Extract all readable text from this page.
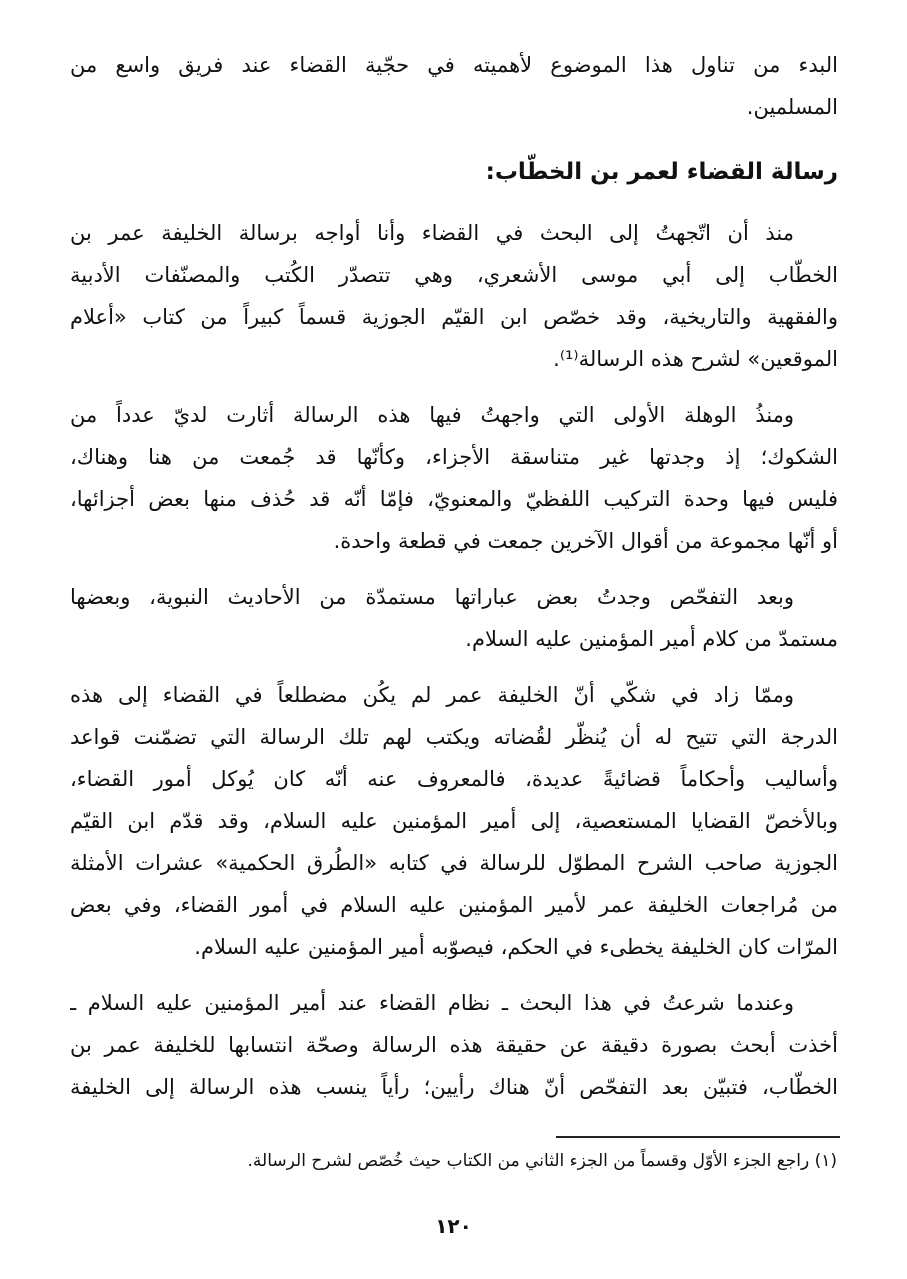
البدء من تناول هذا الموضوع لأهميته في حجّية القضاء عند فريق واسع من
المسلمين.
رسالة القضاء لعمر بن الخطّاب:
منذ أن اتّجهتُ إلى البحث في القضاء وأنا أواجه برسالة الخليفة عمر بن
الخطّاب إلى أبي موسى الأشعري، وهي تتصدّر الكُتب والمصنّفات الأدبية
والفقهية والتاريخية، وقد خصّص ابن القيّم الجوزية قسماً كبيراً من كتاب «أعلام
الموقعين» لشرح هذه الرسالة⁽¹⁾.
ومنذُ الوهلة الأولى التي واجهتُ فيها هذه الرسالة أثارت لديّ عدداً من
الشكوك؛ إذ وجدتها غير متناسقة الأجزاء، وكأنّها قد جُمعت من هنا وهناك،
فليس فيها وحدة التركيب اللفظيّ والمعنويّ، فإمّا أنّه قد حُذف منها بعض أجزائها،
أو أنّها مجموعة من أقوال الآخرين جمعت في قطعة واحدة.
وبعد التفحّص وجدتُ بعض عباراتها مستمدّة من الأحاديث النبوية، وبعضها
مستمدّ من كلام أمير المؤمنين عليه السلام.
وممّا زاد في شكّي أنّ الخليفة عمر لم يكُن مضطلعاً في القضاء إلى هذه
الدرجة التي تتيح له أن يُنظّر لقُضاته ويكتب لهم تلك الرسالة التي تضمّنت قواعد
وأساليب وأحكاماً قضائيةً عديدة، فالمعروف عنه أنّه كان يُوكل أمور القضاء،
وبالأخصّ القضايا المستعصية، إلى أمير المؤمنين عليه السلام، وقد قدّم ابن القيّم
الجوزية صاحب الشرح المطوّل للرسالة في كتابه «الطُرق الحكمية» عشرات الأمثلة
من مُراجعات الخليفة عمر لأمير المؤمنين عليه السلام في أمور القضاء، وفي بعض
المرّات كان الخليفة يخطىء في الحكم، فيصوّبه أمير المؤمنين عليه السلام.
وعندما شرعتُ في هذا البحث ـ نظام القضاء عند أمير المؤمنين عليه السلام ـ
أخذت أبحث بصورة دقيقة عن حقيقة هذه الرسالة وصحّة انتسابها للخليفة عمر بن
الخطّاب، فتبيّن بعد التفحّص أنّ هناك رأيين؛ رأياً ينسب هذه الرسالة إلى الخليفة
(١) راجع الجزء الأوّل وقسماً من الجزء الثاني من الكتاب حيث خُصّص لشرح الرسالة.
١٢٠
